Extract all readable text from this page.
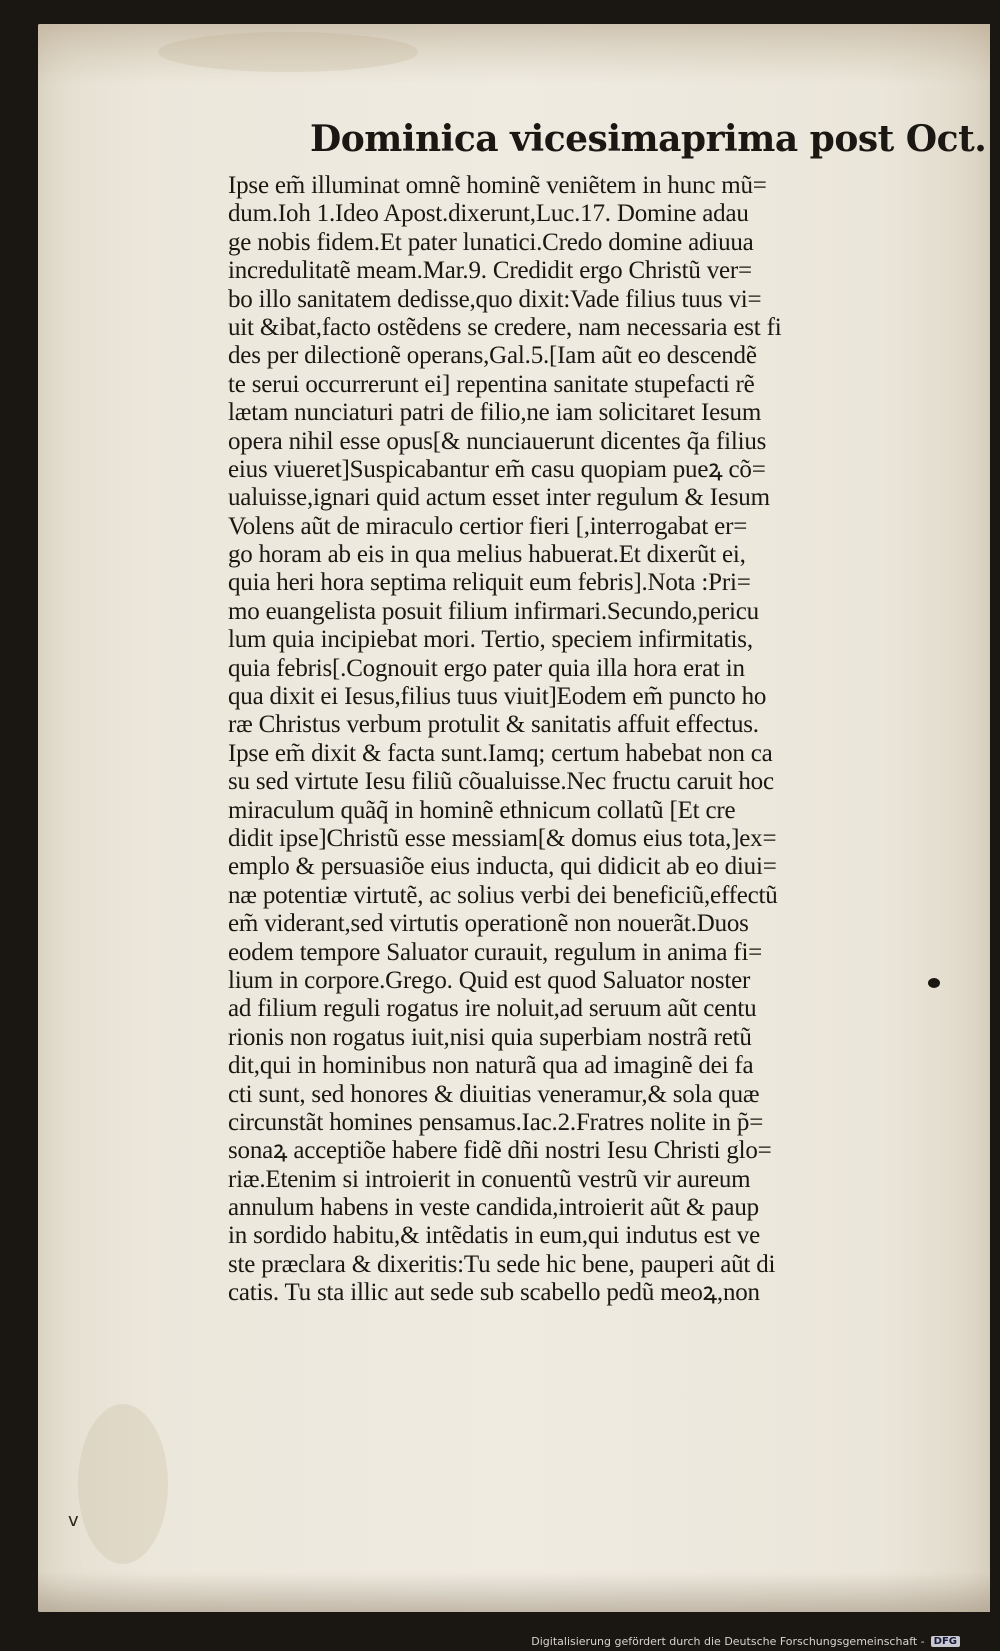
Dominica vicesimaprima post Oct.
Ipse em̃ illuminat omnẽ hominẽ veniẽtem in hunc mũ=
dum.Ioh 1.Ideo Apost.dixerunt,Luc.17. Domine adau
ge nobis fidem.Et pater lunatici.Credo domine adiuua
incredulitatẽ meam.Mar.9. Credidit ergo Christũ ver=
bo illo sanitatem dedisse,quo dixit:Vade filius tuus vi=
uit &ibat,facto ostẽdens se credere, nam necessaria est fi
des per dilectionẽ operans,Gal.5.[Iam aũt eo descendẽ
te serui occurrerunt ei] repentina sanitate stupefacti rẽ
lætam nunciaturi patri de filio,ne iam solicitaret Iesum
opera nihil esse opus[& nunciauerunt dicentes q̃a filius
eius viueret]Suspicabantur em̃ casu quopiam pueꝝ cõ=
ualuisse,ignari quid actum esset inter regulum & Iesum
Volens aũt de miraculo certior fieri [,interrogabat er=
go horam ab eis in qua melius habuerat.Et dixerũt ei,
quia heri hora septima reliquit eum febris].Nota :Pri=
mo euangelista posuit filium infirmari.Secundo,pericu
lum quia incipiebat mori. Tertio, speciem infirmitatis,
quia febris[.Cognouit ergo pater quia illa hora erat in
qua dixit ei Iesus,filius tuus viuit]Eodem em̃ puncto ho
ræ Christus verbum protulit & sanitatis affuit effectus.
Ipse em̃ dixit & facta sunt.Iamq; certum habebat non ca
su sed virtute Iesu filiũ cõualuisse.Nec fructu caruit hoc
miraculum quãq̃ in hominẽ ethnicum collatũ [Et cre
didit ipse]Christũ esse messiam[& domus eius tota,]ex=
emplo & persuasiõe eius inducta, qui didicit ab eo diui=
næ potentiæ virtutẽ, ac solius verbi dei beneficiũ,effectũ
em̃ viderant,sed virtutis operationẽ non nouerãt.Duos
eodem tempore Saluator curauit, regulum in anima fi=
lium in corpore.Grego. Quid est quod Saluator noster
ad filium reguli rogatus ire noluit,ad seruum aũt centu
rionis non rogatus iuit,nisi quia superbiam nostrã retũ
dit,qui in hominibus non naturã qua ad imaginẽ dei fa
cti sunt, sed honores & diuitias veneramur,& sola quæ
circunstãt homines pensamus.Iac.2.Fratres nolite in p̃=
sonaꝝ acceptiõe habere fidẽ dñi nostri Iesu Christi glo=
riæ.Etenim si introierit in conuentũ vestrũ vir aureum
annulum habens in veste candida,introierit aũt & paup
in sordido habitu,& intẽdatis in eum,qui indutus est ve
ste præclara & dixeritis:Tu sede hic bene, pauperi aũt di
catis. Tu sta illic aut sede sub scabello pedũ meoꝝ,non
v
Digitalisierung gefördert durch die Deutsche Forschungsgemeinschaft - DFG
